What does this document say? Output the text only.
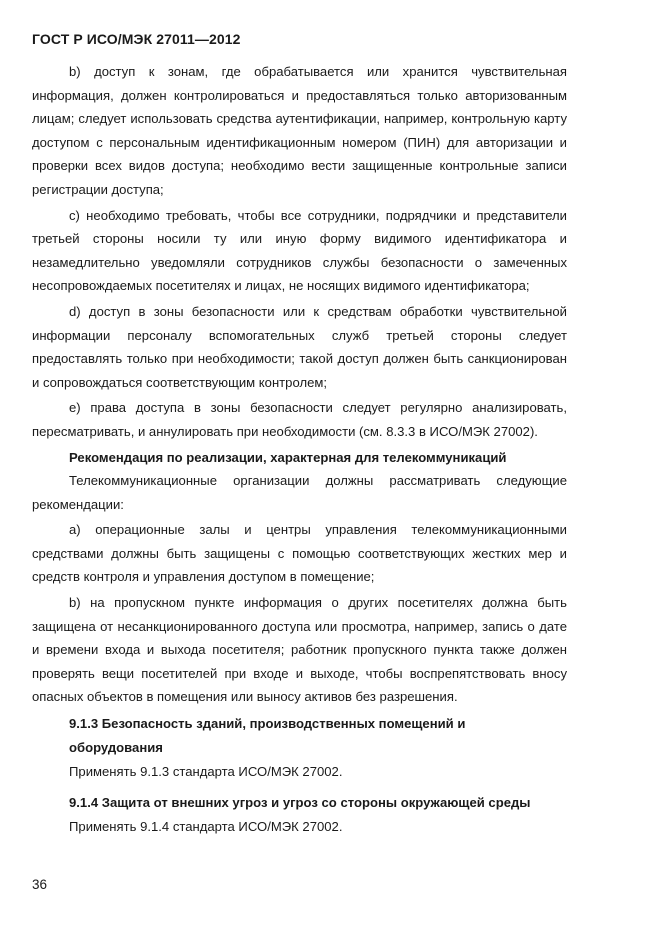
ГОСТ Р ИСО/МЭК 27011—2012

b) доступ к зонам, где обрабатывается или хранится чувствительная информация, должен контролироваться и предоставляться только авторизованным лицам; следует использовать средства аутентификации, например, контрольную карту доступом с персональным идентификационным номером (ПИН) для авторизации и проверки всех видов доступа; необходимо вести защищенные контрольные записи регистрации доступа;

с) необходимо требовать, чтобы все сотрудники, подрядчики и представители третьей стороны носили ту или иную форму видимого идентификатора и незамедлительно уведомляли сотрудников службы безопасности о замеченных несопровождаемых посетителях и лицах, не носящих видимого идентификатора;

d) доступ в зоны безопасности или к средствам обработки чувствительной информации персоналу вспомогательных служб третьей стороны следует предоставлять только при необходимости; такой доступ должен быть санкционирован и сопровождаться соответствующим контролем;

е) права доступа в зоны безопасности следует регулярно анализировать, пересматривать, и аннулировать при необходимости (см. 8.3.3 в ИСО/МЭК 27002).

Рекомендация по реализации, характерная для телекоммуникаций

Телекоммуникационные организации должны рассматривать следующие рекомендации:

а) операционные залы и центры управления телекоммуникационными средствами должны быть защищены с помощью соответствующих жестких мер и средств контроля и управления доступом в помещение;

b) на пропускном пункте информация о других посетителях должна быть защищена от несанкционированного доступа или просмотра, например, запись о дате и времени входа и выхода посетителя; работник пропускного пункта также должен проверять вещи посетителей при входе и выходе, чтобы воспрепятствовать вносу опасных объектов в помещения или выносу активов без разрешения.

9.1.3 Безопасность зданий, производственных помещений и
оборудования
Применять 9.1.3 стандарта ИСО/МЭК 27002.
9.1.4 Защита от внешних угроз и угроз со стороны окружающей среды
Применять 9.1.4 стандарта ИСО/МЭК 27002.
36
